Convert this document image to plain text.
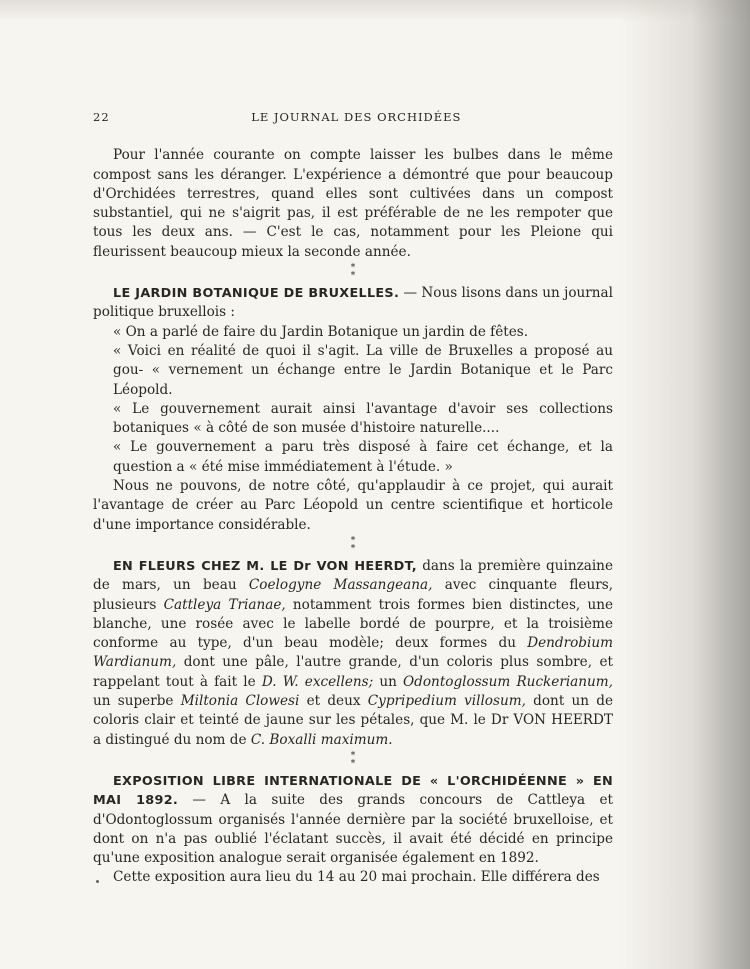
22	LE JOURNAL DES ORCHIDÉES

Pour l'année courante on compte laisser les bulbes dans le même compost sans les déranger. L'expérience a démontré que pour beaucoup d'Orchidées terrestres, quand elles sont cultivées dans un compost substantiel, qui ne s'aigrit pas, il est préférable de ne les rempoter que tous les deux ans. — C'est le cas, notamment pour les Pleione qui fleurissent beaucoup mieux la seconde année.

*
*

LE JARDIN BOTANIQUE DE BRUXELLES. — Nous lisons dans un journal politique bruxellois :

« On a parlé de faire du Jardin Botanique un jardin de fêtes.

« Voici en réalité de quoi il s'agit. La ville de Bruxelles a proposé au gou- « vernement un échange entre le Jardin Botanique et le Parc Léopold.

« Le gouvernement aurait ainsi l'avantage d'avoir ses collections botaniques « à côté de son musée d'histoire naturelle....

« Le gouvernement a paru très disposé à faire cet échange, et la question a « été mise immédiatement à l'étude. »

Nous ne pouvons, de notre côté, qu'applaudir à ce projet, qui aurait l'avantage de créer au Parc Léopold un centre scientifique et horticole d'une importance considérable.

*
*

EN FLEURS CHEZ M. LE Dr VON HEERDT, dans la première quinzaine de mars, un beau Coelogyne Massangeana, avec cinquante fleurs, plusieurs Cattleya Trianae, notamment trois formes bien distinctes, une blanche, une rosée avec le labelle bordé de pourpre, et la troisième conforme au type, d'un beau modèle; deux formes du Dendrobium Wardianum, dont une pâle, l'autre grande, d'un coloris plus sombre, et rappelant tout à fait le D. W. excellens; un Odontoglossum Ruckerianum, un superbe Miltonia Clowesi et deux Cypripedium villosum, dont un de coloris clair et teinté de jaune sur les pétales, que M. le Dr VON HEERDT a distingué du nom de C. Boxalli maximum.

*
*

EXPOSITION LIBRE INTERNATIONALE DE « L'ORCHIDÉENNE » EN MAI 1892. — A la suite des grands concours de Cattleya et d'Odontoglossum organisés l'année dernière par la société bruxelloise, et dont on n'a pas oublié l'éclatant succès, il avait été décidé en principe qu'une exposition analogue serait organisée également en 1892.

Cette exposition aura lieu du 14 au 20 mai prochain. Elle différera des
